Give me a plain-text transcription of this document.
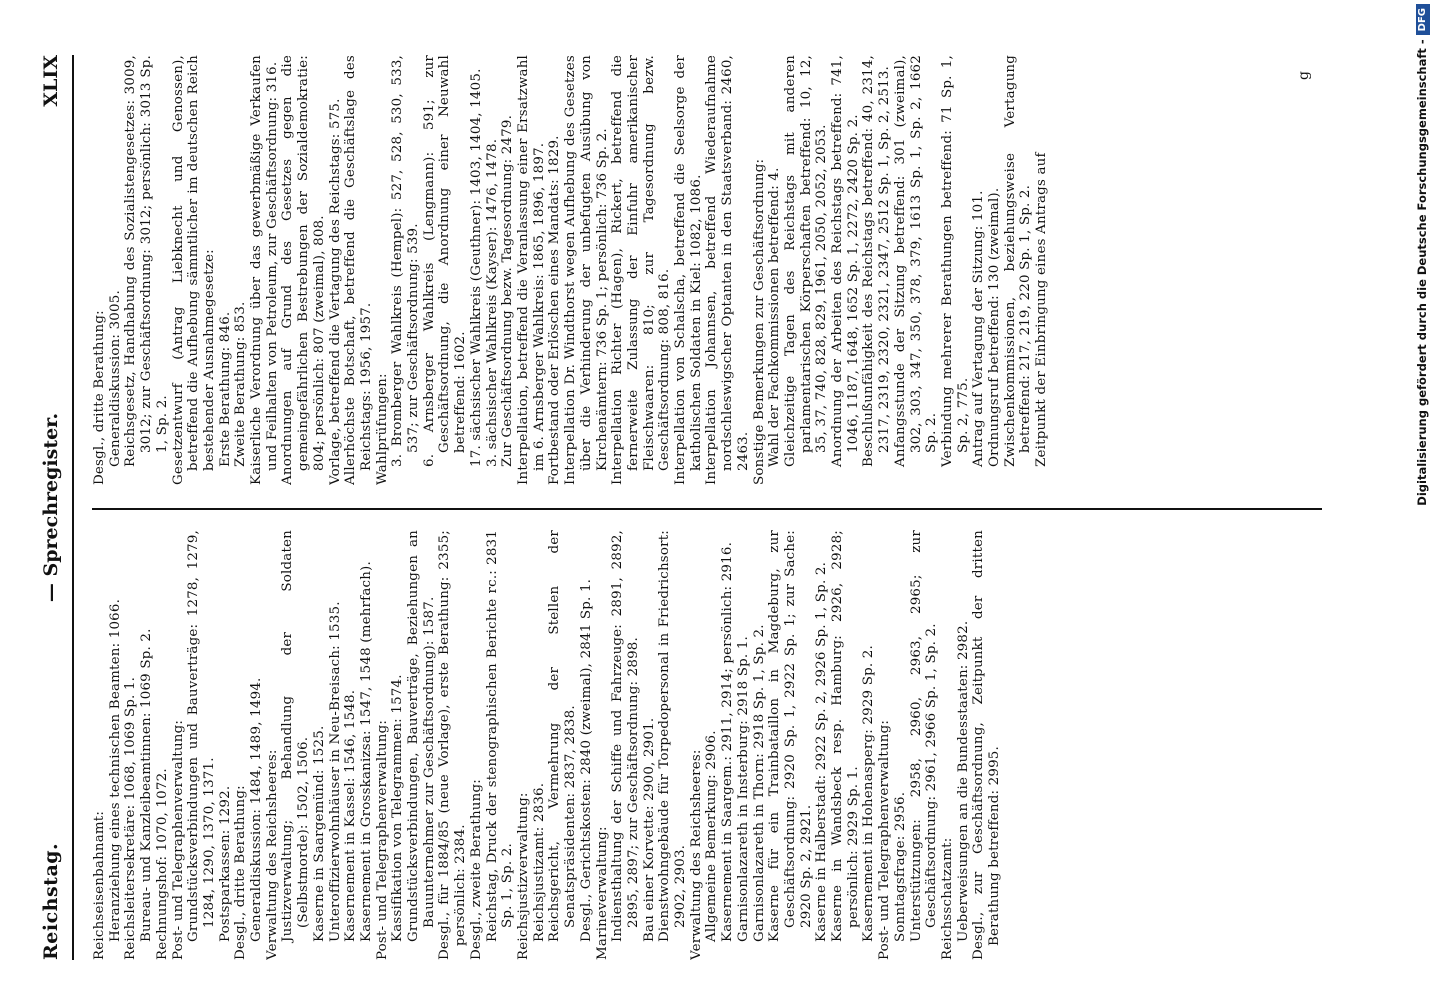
Reichstag.
— Sprechregister.
XLIX

Reichseisenbahnamt: Heranziehung eines technischen Beamten: 1066. Reichsleitersekretäre: 1068, 1069 Sp. 1. Bureau- und Kanzleibeamtinnen: 1069 Sp. 2. Rechnungshof: 1070, 1072. Post- und Telegraphenverwaltung: Grundstücksverbindungen und Bauverträge: 1278, 1279, 1284, 1290, 1370, 1371. Postsparkassen: 1292. Desgl., dritte Berathung: Generaldiskussion: 1484, 1489, 1494. Verwaltung des Reichsheeres: Justizverwaltung; Behandlung der Soldaten (Selbstmorde): 1502, 1506. Kaserne in Saargemünd: 1525. Unteroffizierwohnhäuser in Neu-Breisach: 1535. Kasernement in Kassel: 1546, 1548. Kasernement in Grosskanizsa: 1547, 1548 (mehrfach). Post- und Telegraphenverwaltung: Kassifikation von Telegrammen: 1574. Grundstücksverbindungen, Bauverträge, Beziehungen an Bauunternehmer zur Geschäftsordnung): 1587. Desgl., für 1884/85 (neue Vorlage), erste Berathung: 2355; persönlich: 2384. Desgl., zweite Berathung: Reichstag, Druck der stenographischen Berichte rc.: 2831 Sp. 1, Sp. 2. Reichsjustizverwaltung: Reichsjustizamt: 2836. Reichsgericht, Vermehrung der Stellen der Senatspräsidenten: 2837, 2838. Desgl., Gerichtskosten: 2840 (zweimal), 2841 Sp. 1. Marineverwaltung: Indiensthaltung der Schiffe und Fahrzeuge: 2891, 2892, 2895, 2897; zur Geschäftsordnung: 2898. Bau einer Korvette: 2900, 2901. Dienstwohngebäude für Torpedopersonal in Friedrichsort: 2902, 2903. Verwaltung des Reichsheeres: Allgemeine Bemerkung: 2906. Kasernement in Saargem.: 2911, 2914; persönlich: 2916. Garnisonlazareth in Insterburg: 2918 Sp. 1. Garnisonlazareth in Thorn: 2918 Sp. 1, Sp. 2. Kaserne für ein Trainbataillon in Magdeburg, zur Geschäftsordnung: 2920 Sp. 1, 2922 Sp. 1; zur Sache: 2920 Sp. 2, 2921. Kaserne in Halberstadt: 2922 Sp. 2, 2926 Sp. 1, Sp. 2. Kaserne in Wandsbeck resp. Hamburg: 2926, 2928; persönlich: 2929 Sp. 1. Kasernement in Hohenasperg: 2929 Sp. 2. Post- und Telegraphenverwaltung: Sonntagsfrage: 2956. Unterstützungen: 2958, 2960, 2963, 2965; zur Geschäftsordnung: 2961, 2966 Sp. 1, Sp. 2. Reichsschatzamt: Ueberweisungen an die Bundesstaaten: 2982. Desgl., zur Geschäftsordnung, Zeitpunkt der dritten Berathung betreffend: 2995.

Desgl., dritte Berathung: Generaldiskussion: 3005. Reichsgesetz, Handhabung des Sozialistengesetzes: 3009, 3012; zur Geschäftsordnung: 3012; persönlich: 3013 Sp. 1, Sp. 2. Gesetzentwurf (Antrag Liebknecht und Genossen), betreffend die Aufhebung sämmtlicher im deutschen Reich bestehender Ausnahmegesetze: Erste Berathung: 846. Zweite Berathung: 853. Kaiserliche Verordnung über das gewerbmäßige Verkaufen und Feilhalten von Petroleum, zur Geschäftsordnung: 316. Anordnungen auf Grund des Gesetzes gegen die gemeingefährlichen Bestrebungen der Sozialdemokratie: 804; persönlich: 807 (zweimal), 808. Vorlage, betreffend die Vertagung des Reichstags: 575. Allerhöchste Botschaft, betreffend die Geschäftslage des Reichstags: 1956, 1957. Wahlprüfungen: 3. Bromberger Wahlkreis (Hempel): 527, 528, 530, 533, 537; zur Geschäftsordnung: 539. 6. Arnsberger Wahlkreis (Lengmann): 591; zur Geschäftsordnung, die Anordnung einer Neuwahl betreffend: 1602. 17. sächsischer Wahlkreis (Geuthner): 1403, 1404, 1405. 3. sächsischer Wahlkreis (Kayser): 1476, 1478. Zur Geschäftsordnung bezw. Tagesordnung: 2479. Interpellation, betreffend die Veranlassung einer Ersatzwahl im 6. Arnsberger Wahlkreis: 1865, 1896, 1897. Fortbestand oder Erlöschen eines Mandats: 1829. Interpellation Dr. Windthorst wegen Aufhebung des Gesetzes über die Verhinderung der unbefugten Ausübung von Kirchenämtern: 736 Sp. 1; persönlich: 736 Sp. 2. Interpellation Richter (Hagen), Rickert, betreffend die fernerweite Zulassung der Einfuhr amerikanischer Fleischwaaren: 810; zur Tagesordnung bezw. Geschäftsordnung: 808, 816. Interpellation von Schalscha, betreffend die Seelsorge der katholischen Soldaten in Kiel: 1082, 1086. Interpellation Johannsen, betreffend Wiederaufnahme nordschleswigscher Optanten in den Staatsverband: 2460, 2463. Sonstige Bemerkungen zur Geschäftsordnung: Wahl der Fachkommissionen betreffend: 4. Gleichzeitige Tagen des Reichstags mit anderen parlamentarischen Körperschaften betreffend: 10, 12, 35, 37, 740, 828, 829, 1961, 2050, 2052, 2053. Anordnung der Arbeiten des Reichstags betreffend: 741, 1046, 1187, 1648, 1652 Sp. 1, 2272, 2420 Sp. 2. Beschlußunfähigkeit des Reichstags betreffend: 40, 2314, 2317, 2319, 2320, 2321, 2347, 2512 Sp. 1, Sp. 2, 2513. Anfangsstunde der Sitzung betreffend: 301 (zweimal), 302, 303, 347, 350, 378, 379, 1613 Sp. 1, Sp. 2, 1662 Sp. 2. Verbindung mehrerer Berathungen betreffend: 71 Sp. 1, Sp. 2, 775. Antrag auf Vertagung der Sitzung: 101. Ordnungsruf betreffend: 130 (zweimal). Zwischenkommissionen, beziehungsweise Vertagung betreffend: 217, 219, 220 Sp. 1, Sp. 2. Zeitpunkt der Einbringung eines Antrags auf

g	Digitalisierung gefördert durch die Deutsche Forschungsgemeinschaft -DFG
